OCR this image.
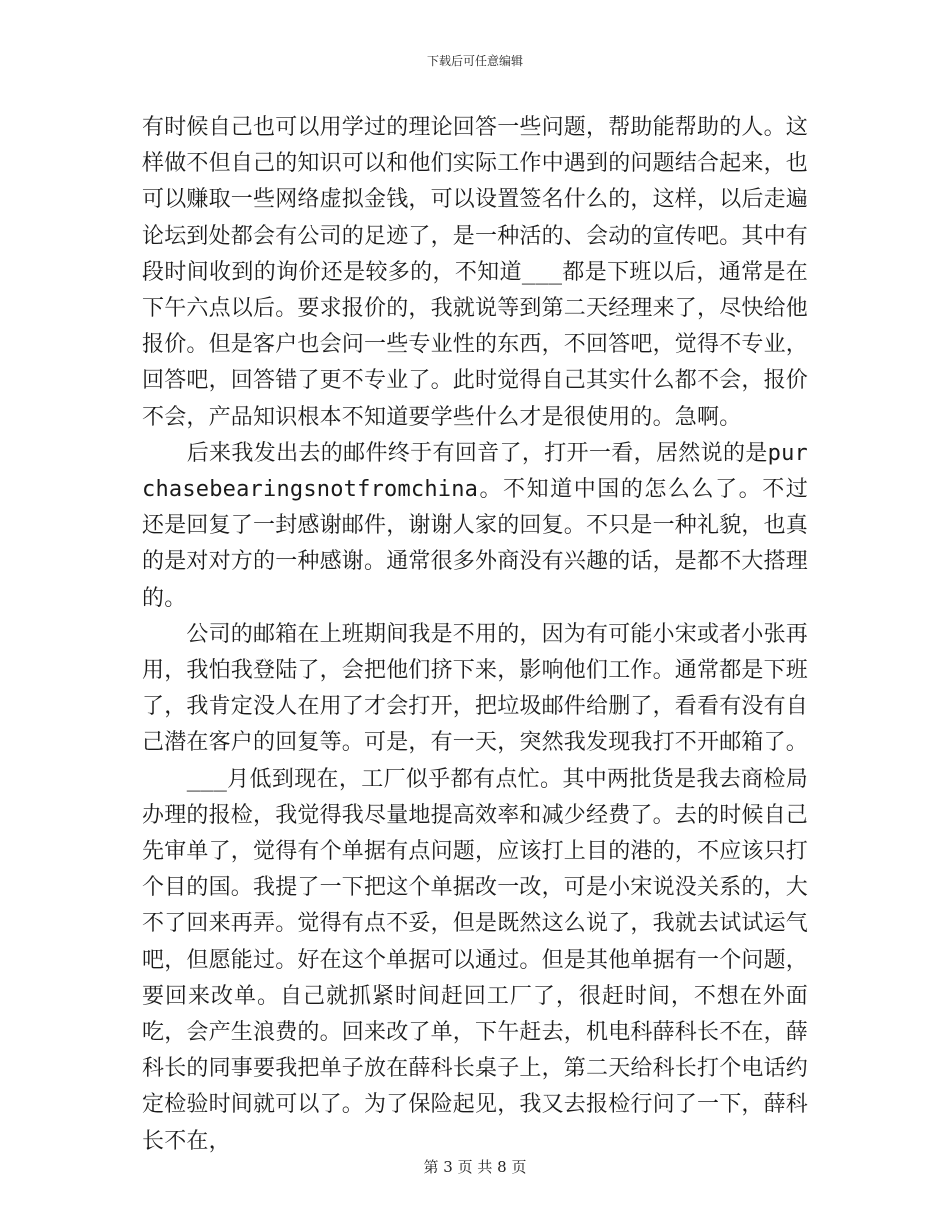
下载后可任意编辑

有时候自己也可以用学过的理论回答一些问题，帮助能帮助的人。这样做不但自己的知识可以和他们实际工作中遇到的问题结合起来，也可以赚取一些网络虚拟金钱，可以设置签名什么的，这样，以后走遍论坛到处都会有公司的足迹了，是一种活的、会动的宣传吧。其中有段时间收到的询价还是较多的，不知道___都是下班以后，通常是在下午六点以后。要求报价的，我就说等到第二天经理来了，尽快给他报价。但是客户也会问一些专业性的东西，不回答吧，觉得不专业，回答吧，回答错了更不专业了。此时觉得自己其实什么都不会，报价不会，产品知识根本不知道要学些什么才是很使用的。急啊。

　　后来我发出去的邮件终于有回音了，打开一看，居然说的是purchasebearingsnotfromchina。不知道中国的怎么么了。不过还是回复了一封感谢邮件，谢谢人家的回复。不只是一种礼貌，也真的是对对方的一种感谢。通常很多外商没有兴趣的话，是都不大搭理的。

　　公司的邮箱在上班期间我是不用的，因为有可能小宋或者小张再用，我怕我登陆了，会把他们挤下来，影响他们工作。通常都是下班了，我肯定没人在用了才会打开，把垃圾邮件给删了，看看有没有自己潜在客户的回复等。可是，有一天，突然我发现我打不开邮箱了。

　　___月低到现在，工厂似乎都有点忙。其中两批货是我去商检局办理的报检，我觉得我尽量地提高效率和减少经费了。去的时候自己先审单了，觉得有个单据有点问题，应该打上目的港的，不应该只打个目的国。我提了一下把这个单据改一改，可是小宋说没关系的，大不了回来再弄。觉得有点不妥，但是既然这么说了，我就去试试运气吧，但愿能过。好在这个单据可以通过。但是其他单据有一个问题，要回来改单。自己就抓紧时间赶回工厂了，很赶时间，不想在外面吃，会产生浪费的。回来改了单，下午赶去，机电科薛科长不在，薛科长的同事要我把单子放在薛科长桌子上，第二天给科长打个电话约定检验时间就可以了。为了保险起见，我又去报检行问了一下，薛科长不在，

第 3 页 共 8 页
